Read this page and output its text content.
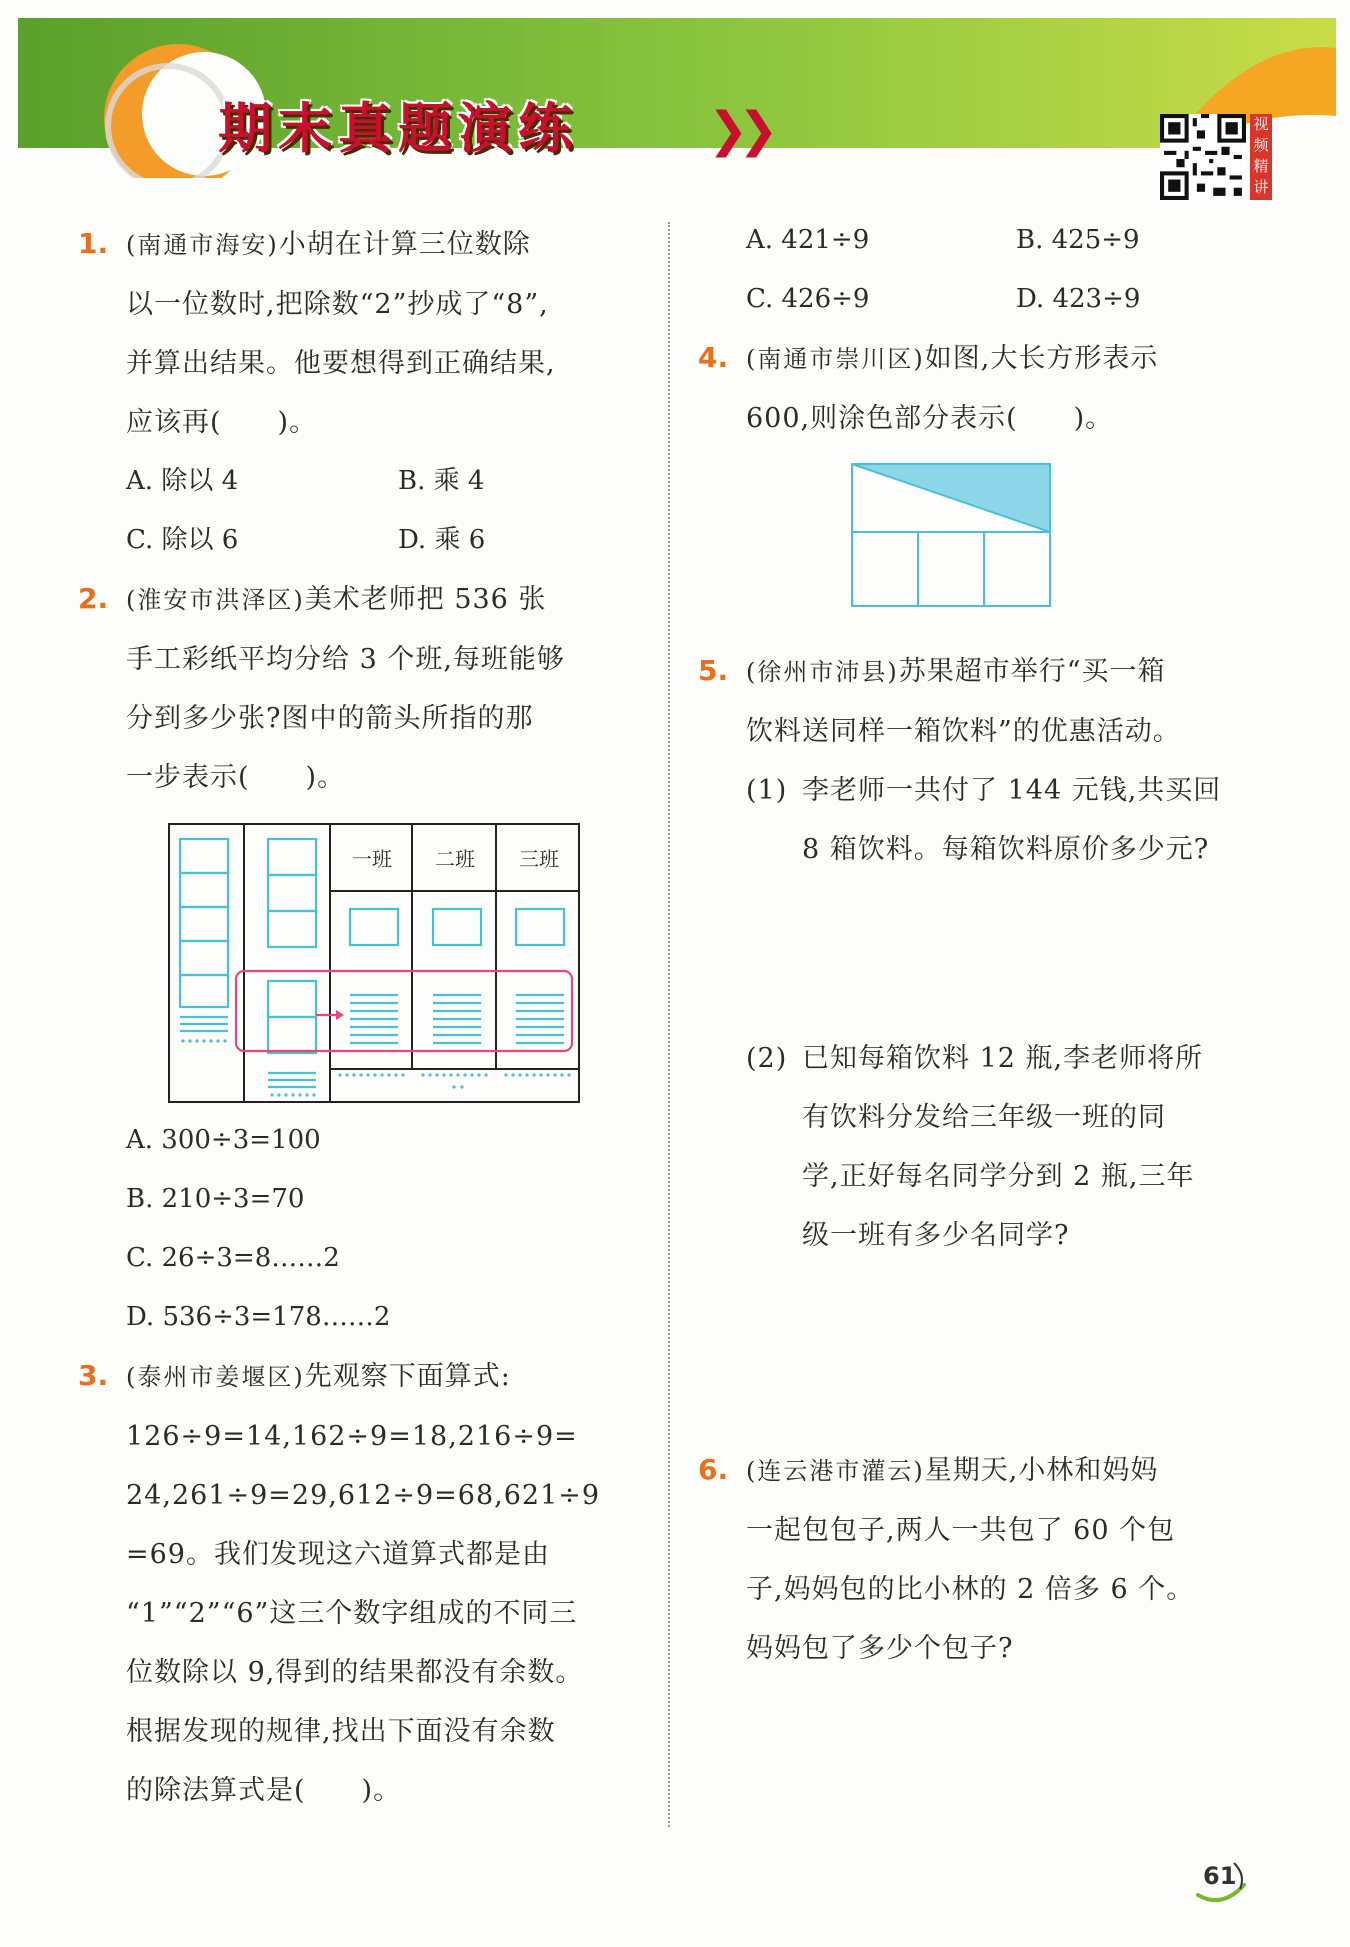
期末真题演练	❯❯	视频精讲
1. (南通市海安)小胡在计算三位数除
以一位数时,把除数“2”抄成了“8”,
并算出结果。他要想得到正确结果,
应该再(　　)。
A. 除以 4	B. 乘 4
C. 除以 6	D. 乘 6
2. (淮安市洪泽区)美术老师把 536 张
手工彩纸平均分给 3 个班,每班能够
分到多少张?图中的箭头所指的那
一步表示(　　)。
一班	二班	三班
A. 300÷3=100
B. 210÷3=70
C. 26÷3=8……2
D. 536÷3=178……2
3. (泰州市姜堰区)先观察下面算式:
126÷9=14,162÷9=18,216÷9=
24,261÷9=29,612÷9=68,621÷9
=69。我们发现这六道算式都是由
“1”“2”“6”这三个数字组成的不同三
位数除以 9,得到的结果都没有余数。
根据发现的规律,找出下面没有余数
的除法算式是(　　)。
A. 421÷9	B. 425÷9
C. 426÷9	D. 423÷9
4. (南通市崇川区)如图,大长方形表示
600,则涂色部分表示(　　)。
5. (徐州市沛县)苏果超市举行“买一箱
饮料送同样一箱饮料”的优惠活动。
(1) 李老师一共付了 144 元钱,共买回
8 箱饮料。每箱饮料原价多少元?
(2) 已知每箱饮料 12 瓶,李老师将所
有饮料分发给三年级一班的同
学,正好每名同学分到 2 瓶,三年
级一班有多少名同学?
6. (连云港市灌云)星期天,小林和妈妈
一起包包子,两人一共包了 60 个包
子,妈妈包的比小林的 2 倍多 6 个。
妈妈包了多少个包子?
61
